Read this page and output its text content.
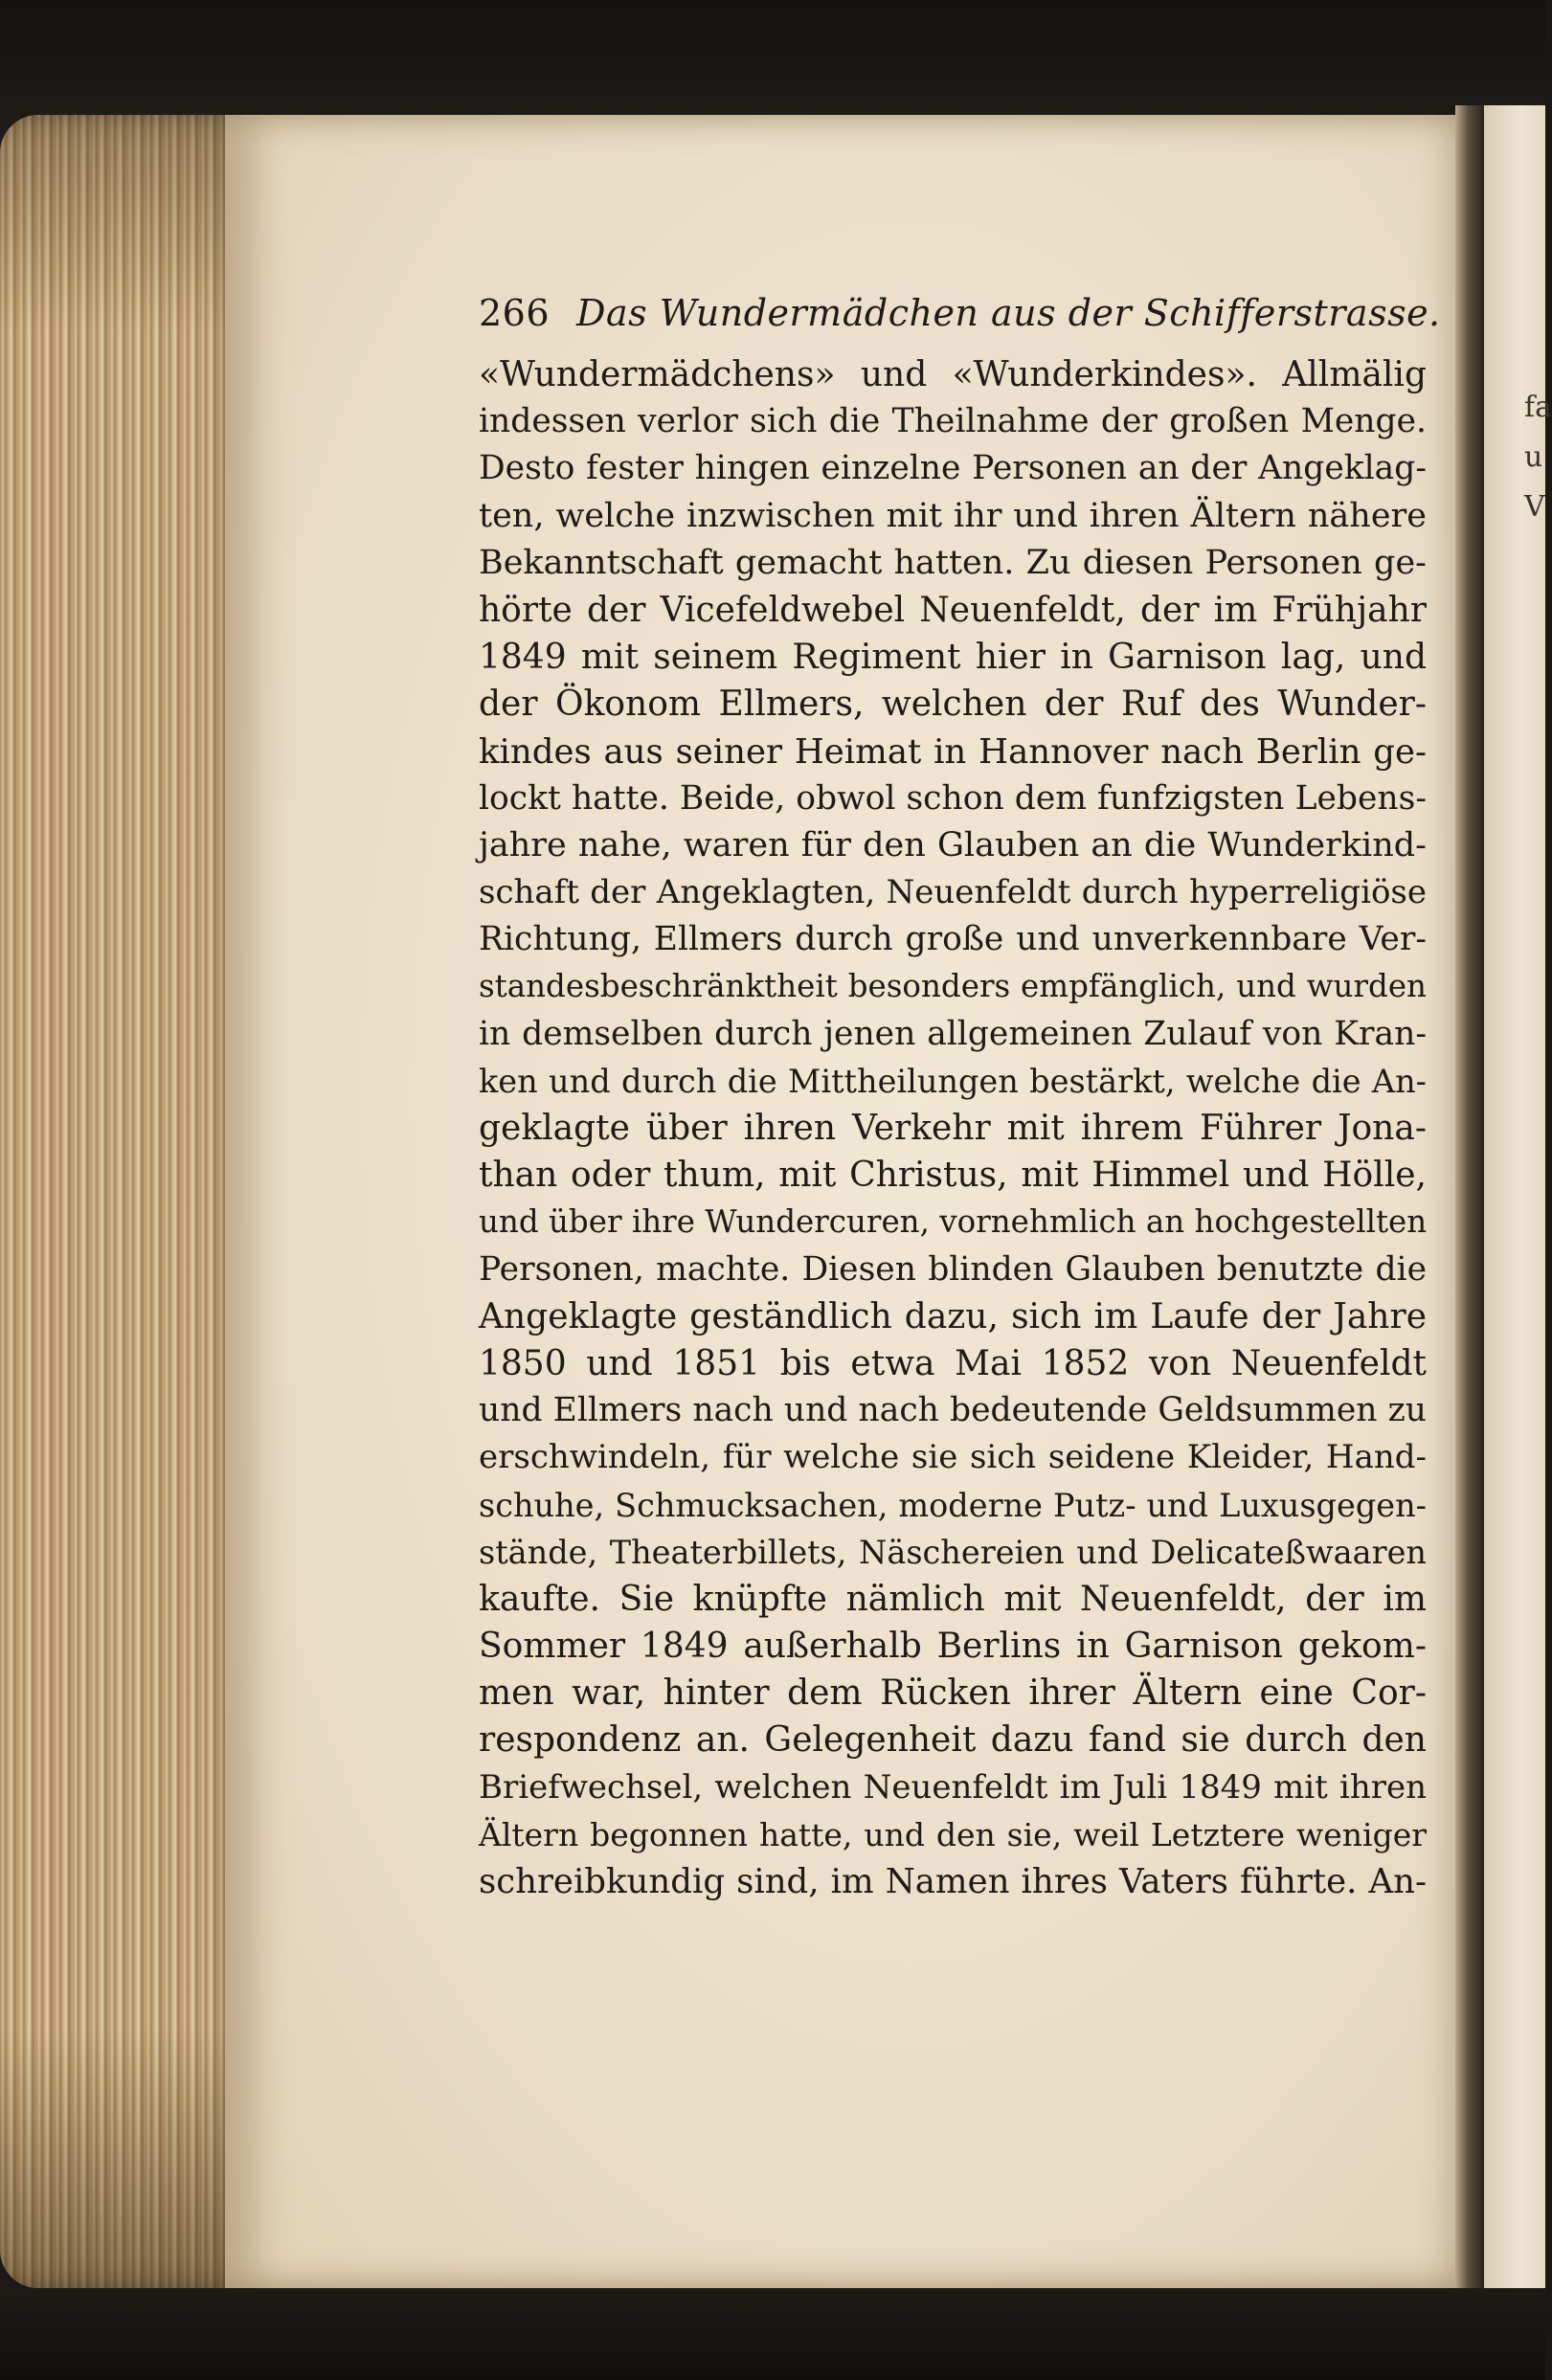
fa
u
V
266 Das Wundermädchen aus der Schifferstrasse.
«Wundermädchens» und «Wunderkindes». Allmälig
indessen verlor sich die Theilnahme der großen Menge.
Desto fester hingen einzelne Personen an der Angeklag-
ten, welche inzwischen mit ihr und ihren Ältern nähere
Bekanntschaft gemacht hatten. Zu diesen Personen ge-
hörte der Vicefeldwebel Neuenfeldt, der im Frühjahr
1849 mit seinem Regiment hier in Garnison lag, und
der Ökonom Ellmers, welchen der Ruf des Wunder-
kindes aus seiner Heimat in Hannover nach Berlin ge-
lockt hatte. Beide, obwol schon dem funfzigsten Lebens-
jahre nahe, waren für den Glauben an die Wunderkind-
schaft der Angeklagten, Neuenfeldt durch hyperreligiöse
Richtung, Ellmers durch große und unverkennbare Ver-
standesbeschränktheit besonders empfänglich, und wurden
in demselben durch jenen allgemeinen Zulauf von Kran-
ken und durch die Mittheilungen bestärkt, welche die An-
geklagte über ihren Verkehr mit ihrem Führer Jona-
than oder thum, mit Christus, mit Himmel und Hölle,
und über ihre Wundercuren, vornehmlich an hochgestellten
Personen, machte. Diesen blinden Glauben benutzte die
Angeklagte geständlich dazu, sich im Laufe der Jahre
1850 und 1851 bis etwa Mai 1852 von Neuenfeldt
und Ellmers nach und nach bedeutende Geldsummen zu
erschwindeln, für welche sie sich seidene Kleider, Hand-
schuhe, Schmucksachen, moderne Putz- und Luxusgegen-
stände, Theaterbillets, Näschereien und Delicateßwaaren
kaufte. Sie knüpfte nämlich mit Neuenfeldt, der im
Sommer 1849 außerhalb Berlins in Garnison gekom-
men war, hinter dem Rücken ihrer Ältern eine Cor-
respondenz an. Gelegenheit dazu fand sie durch den
Briefwechsel, welchen Neuenfeldt im Juli 1849 mit ihren
Ältern begonnen hatte, und den sie, weil Letztere weniger
schreibkundig sind, im Namen ihres Vaters führte. An-
